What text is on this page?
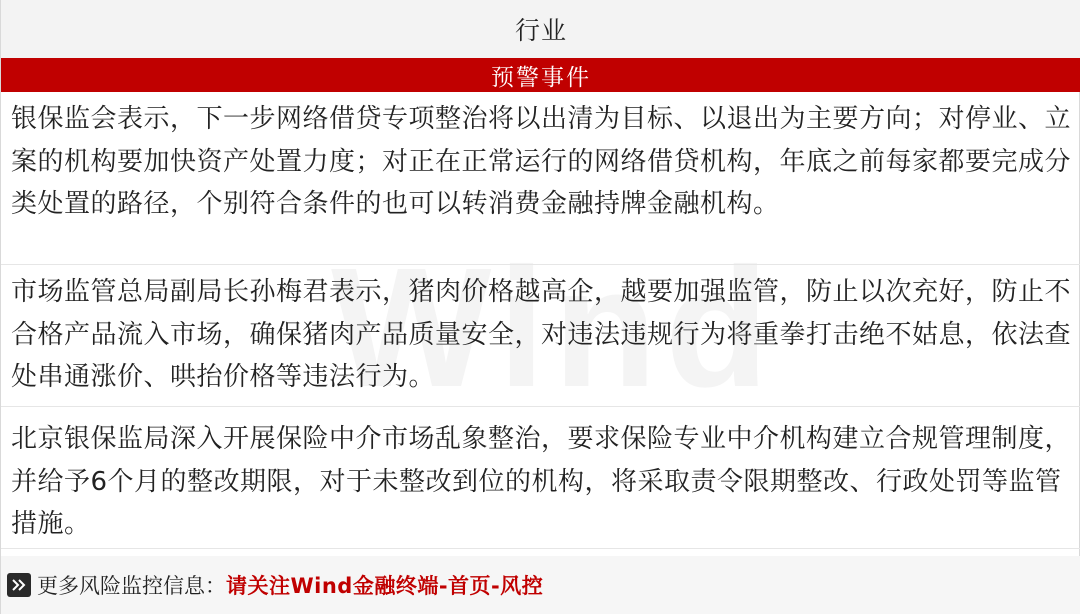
行业
预警事件
银保监会表示，下一步网络借贷专项整治将以出清为目标、以退出为主要方向；对停业、立案的机构要加快资产处置力度；对正在正常运行的网络借贷机构，年底之前每家都要完成分类处置的路径，个别符合条件的也可以转消费金融持牌金融机构。
市场监管总局副局长孙梅君表示，猪肉价格越高企，越要加强监管，防止以次充好，防止不合格产品流入市场，确保猪肉产品质量安全，对违法违规行为将重拳打击绝不姑息，依法查处串通涨价、哄抬价格等违法行为。
北京银保监局深入开展保险中介市场乱象整治，要求保险专业中介机构建立合规管理制度，并给予6个月的整改期限，对于未整改到位的机构，将采取责令限期整改、行政处罚等监管措施。
更多风险监控信息： 请关注Wind金融终端-首页-风控
